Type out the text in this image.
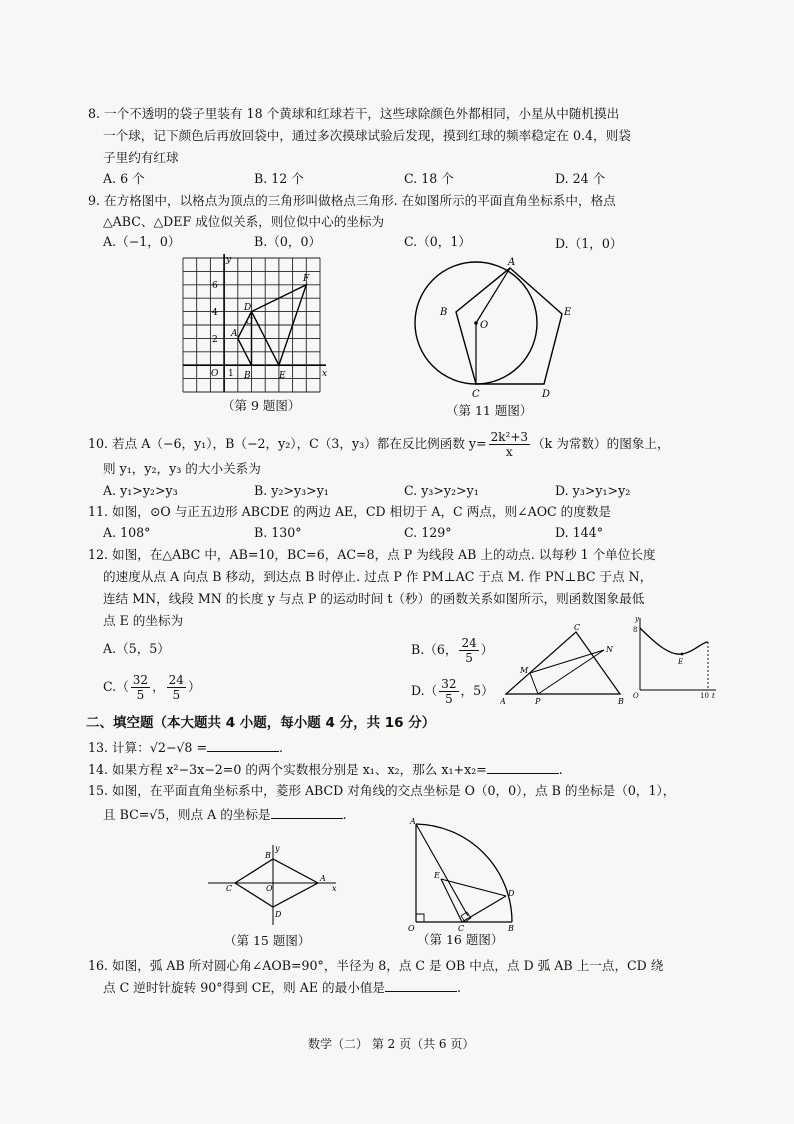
8. 一个不透明的袋子里装有 18 个黄球和红球若干，这些球除颜色外都相同，小星从中随机摸出
一个球，记下颜色后再放回袋中，通过多次摸球试验后发现，摸到红球的频率稳定在 0.4，则袋
子里约有红球
A. 6 个	B. 12 个	C. 18 个	D. 24 个
9. 在方格图中，以格点为顶点的三角形叫做格点三角形. 在如图所示的平面直角坐标系中，格点
△ABC、△DEF 成位似关系，则位似中心的坐标为
A.（−1，0）	B.（0，0）	C.（0，1）	D.（1，0）
y
x
O 1
2
4
6
A
B
C
D
E
F
（第 9 题图）
A
B
C	D
E
O
（第 11 题图）
10. 若点 A（−6，y₁），B（−2，y₂），C（3，y₃）都在反比例函数 $y= \frac{\text{2k²+3}}{x} (k$ 为常数）的图象上，
则 y₁，y₂，y₃ 的大小关系为
A. y₁>y₂>y₃	B. y₂>y₃>y₁	C. y₃>y₂>y₁	D. y₃>y₁>y₂
11. 如图，⊙O 与正五边形 ABCDE 的两边 AE，CD 相切于 A，C 两点，则∠AOC 的度数是
A. 108°	B. 130°	C. 129°	D. 144°
12. 如图，在△ABC 中，AB=10，BC=6，AC=8，点 P 为线段 AB 上的动点. 以每秒 1 个单位长度
的速度从点 A 向点 B 移动，到达点 B 时停止. 过点 P 作 PM⊥AC 于点 M. 作 PN⊥BC 于点 N，
连结 MN，线段 MN 的长度 y 与点 P 的运动时间 t（秒）的函数关系如图所示，则函数图象最低
点 E 的坐标为
A.（5，5）	B.（6， $\frac{24}{5}$ ）
$C.( \frac{32}{5}$ ， $\frac{24}{5}$ ）	$D.( \frac{32}{5}$ ，5）
A	B
C
M
N
P
y
8
E
O	10 t
二、填空题（本大题共 4 小题，每小题 4 分，共 16 分）
13. 计算：√2−√8 =	.
14. 如果方程 x²−3x−2=0 的两个实数根分别是 x₁、x₂，那么 x₁+x₂=	.
15. 如图，在平面直角坐标系中，菱形 ABCD 对角线的交点坐标是 O（0，0），点 B 的坐标是（0，1），
且 BC=√5，则点 A 的坐标是	.
x
y
A
B
C
D
O
（第 15 题图）
A
B
C
D
E
O
（第 16 题图）
16. 如图，弧 AB 所对圆心角∠AOB=90°，半径为 8，点 C 是 OB 中点，点 D 弧 AB 上一点，CD 绕
点 C 逆时针旋转 90°得到 CE，则 AE 的最小值是	.
数学（二） 第 2 页（共 6 页）
